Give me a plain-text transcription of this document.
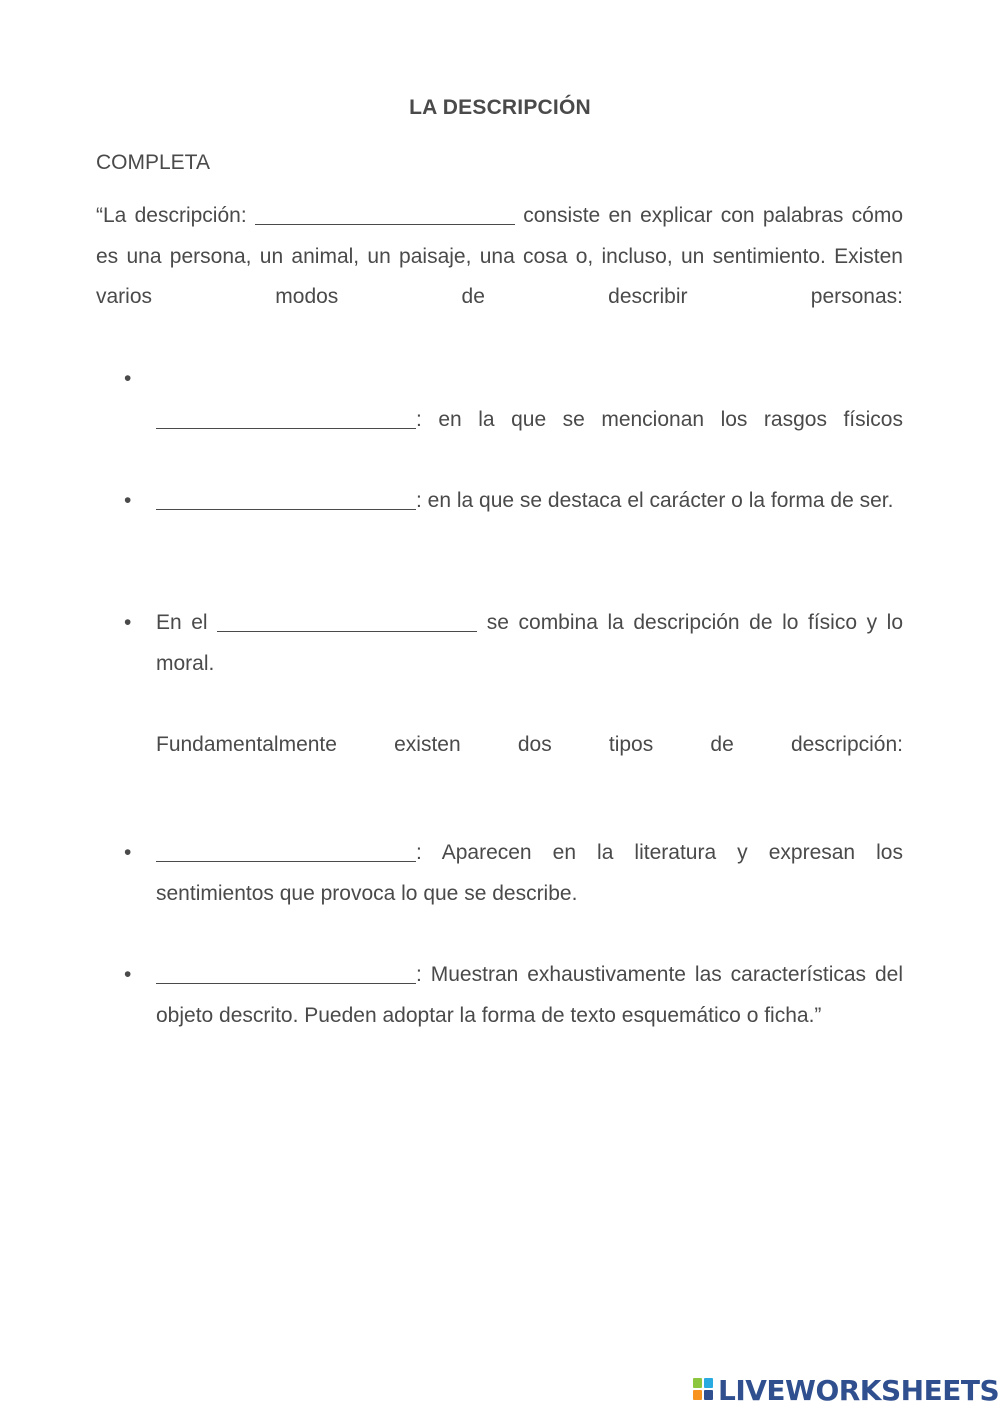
LA DESCRIPCIÓN
COMPLETA
“La descripción:	consiste en explicar con palabras cómo es una persona, un animal, un paisaje, una cosa o, incluso, un sentimiento. Existen varios modos de describir personas:
•
: en la que se mencionan los rasgos físicos
•	: en la que se destaca el carácter o la forma de ser.
• En el	se combina la descripción de lo físico y lo moral.
Fundamentalmente existen dos tipos de descripción:
•	: Aparecen en la literatura y expresan los sentimientos que provoca lo que se describe.
•	: Muestran exhaustivamente las características del objeto descrito. Pueden adoptar la forma de texto esquemático o ficha.”
LIVEWORKSHEETS
